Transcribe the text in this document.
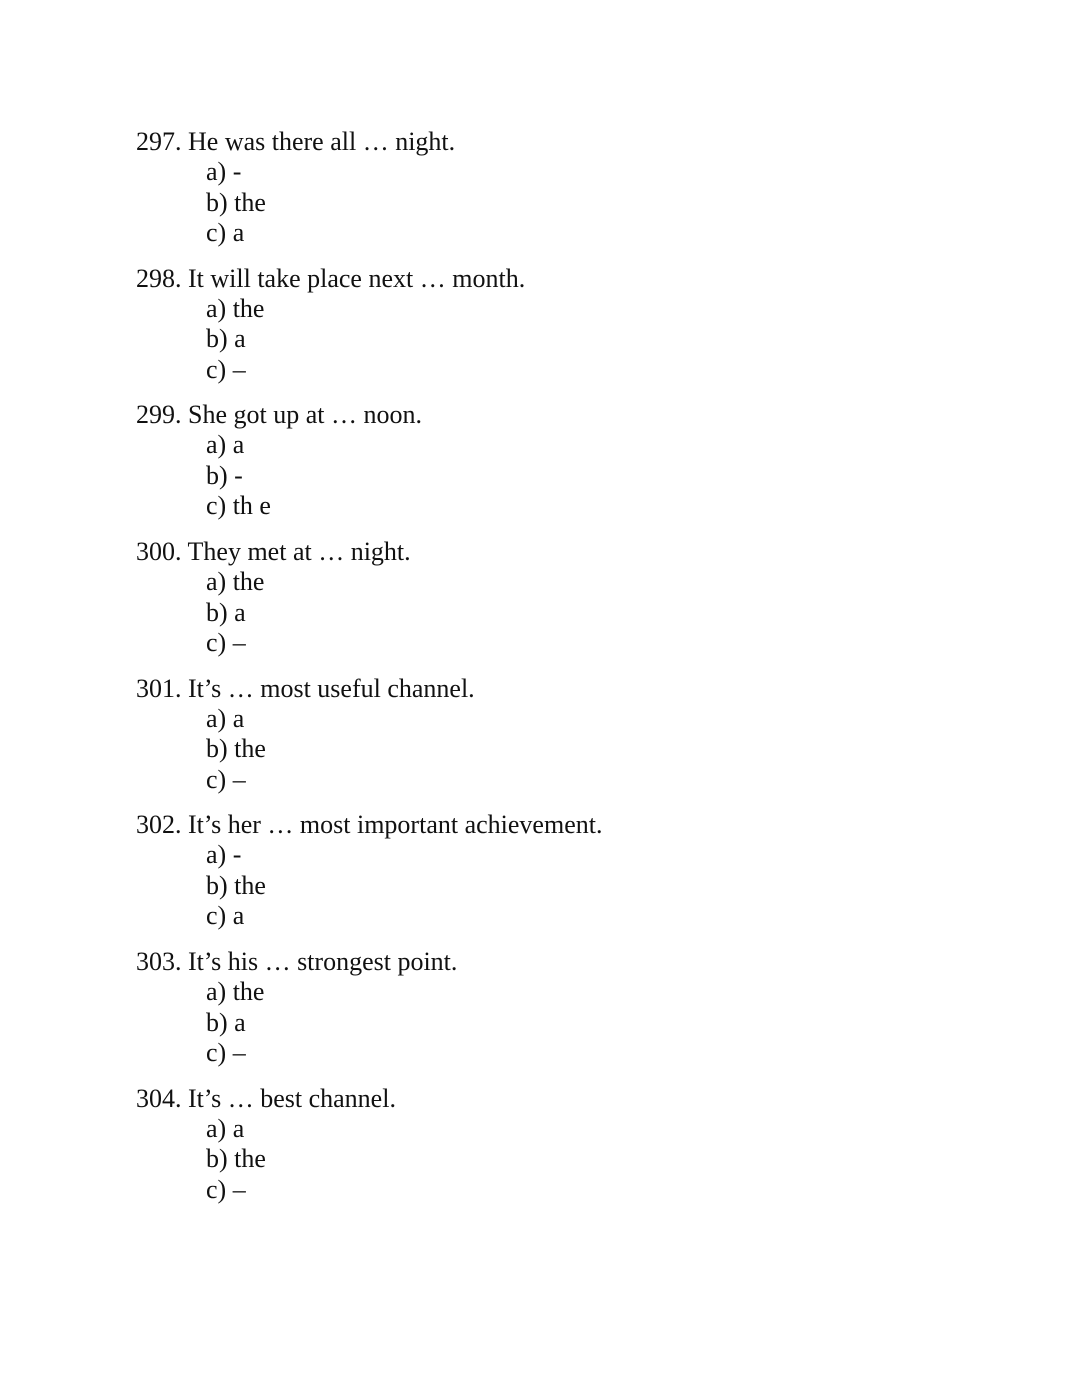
297. He was there all … night.
a) -
b) the
c) a
298. It will take place next … month.
a) the
b) a
c) –
299. She got up at … noon.
a) a
b) -
c) th e
300. They met at … night.
a) the
b) a
c) –
301. It’s … most useful channel.
a) a
b) the
c) –
302. It’s her … most important achievement.
a) -
b) the
c) a
303. It’s his … strongest point.
a) the
b) a
c) –
304. It’s … best channel.
a) a
b) the
c) –
